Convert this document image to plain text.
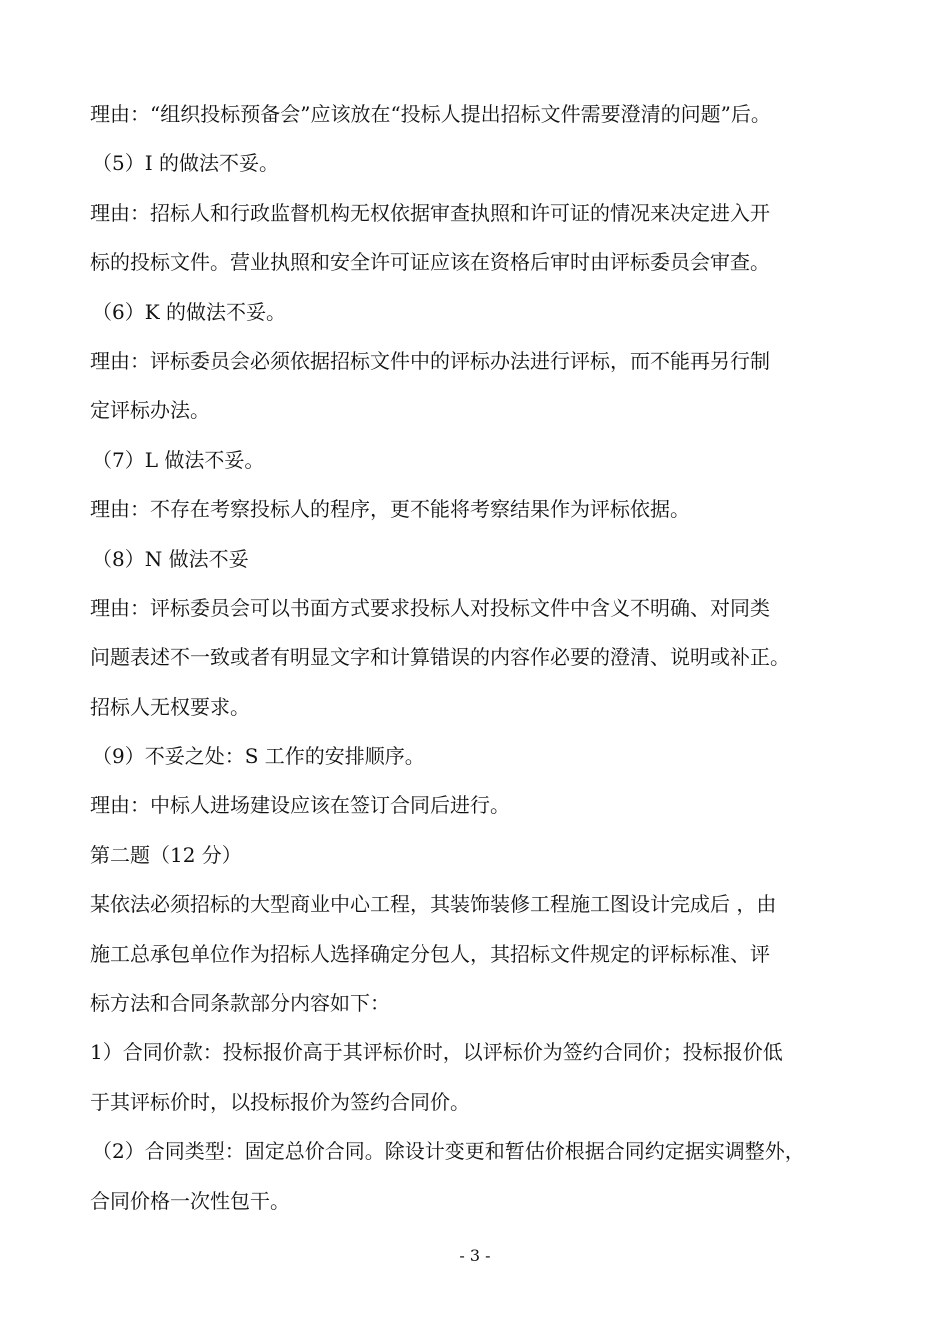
理由：“组织投标预备会”应该放在“投标人提出招标文件需要澄清的问题”后。
（5）I 的做法不妥。
理由：招标人和行政监督机构无权依据审查执照和许可证的情况来决定进入开
标的投标文件。营业执照和安全许可证应该在资格后审时由评标委员会审查。
（6）K 的做法不妥。
理由：评标委员会必须依据招标文件中的评标办法进行评标，而不能再另行制
定评标办法。
（7）L 做法不妥。
理由：不存在考察投标人的程序，更不能将考察结果作为评标依据。
（8）N 做法不妥
理由：评标委员会可以书面方式要求投标人对投标文件中含义不明确、对同类
问题表述不一致或者有明显文字和计算错误的内容作必要的澄清、说明或补正。
招标人无权要求。
（9）不妥之处：S 工作的安排顺序。
理由：中标人进场建设应该在签订合同后进行。
第二题（12 分）
某依法必须招标的大型商业中心工程，其装饰装修工程施工图设计完成后 ，由
施工总承包单位作为招标人选择确定分包人，其招标文件规定的评标标准、评
标方法和合同条款部分内容如下：
1）合同价款：投标报价高于其评标价时，以评标价为签约合同价；投标报价低
于其评标价时，以投标报价为签约合同价。
（2）合同类型：固定总价合同。除设计变更和暂估价根据合同约定据实调整外，
合同价格一次性包干。
- 3 -
